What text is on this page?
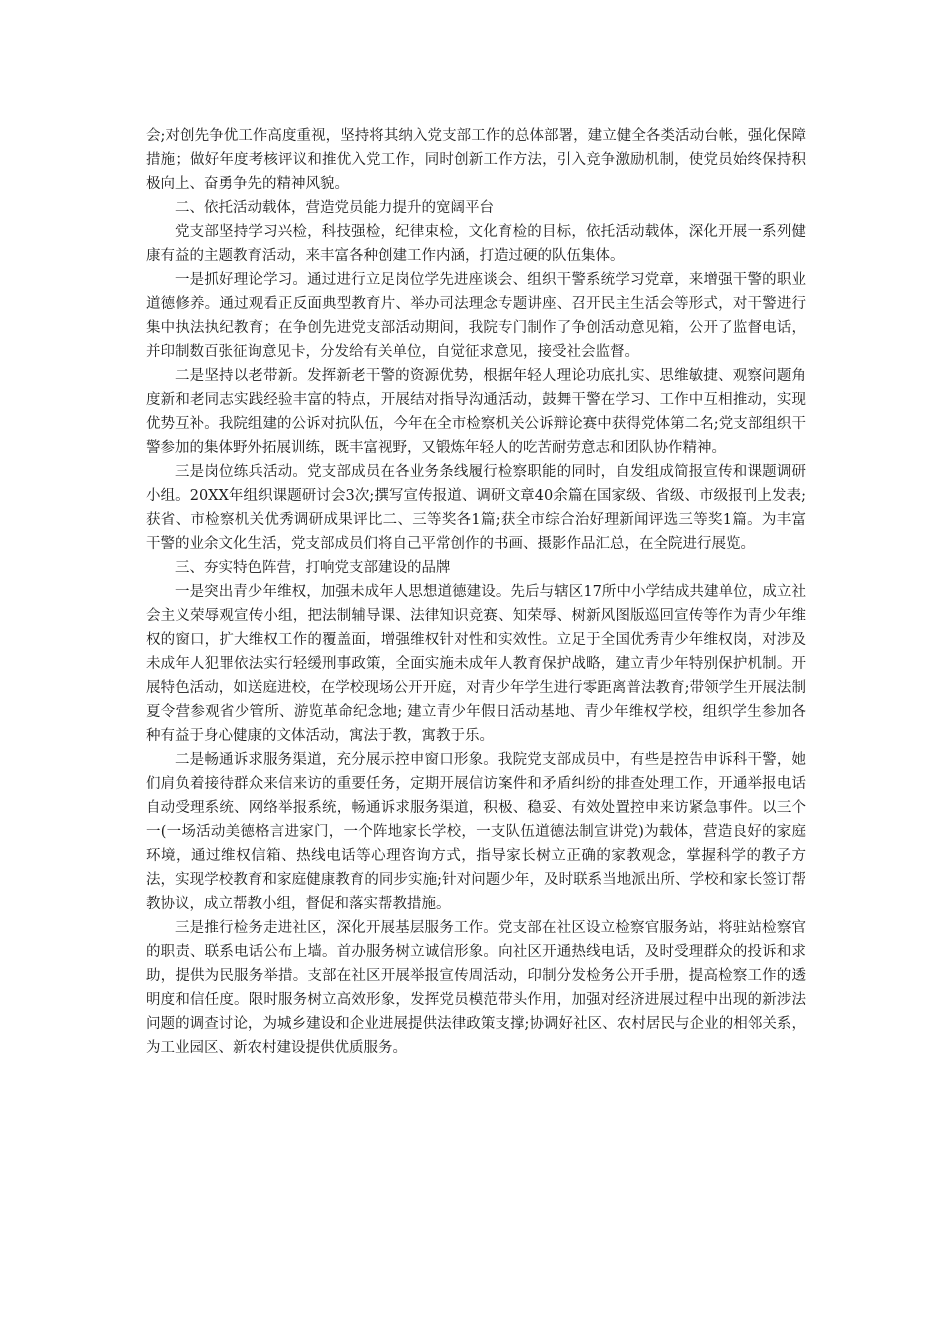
会;对创先争优工作高度重视，坚持将其纳入党支部工作的总体部署，建立健全各类活动台帐，强化保障措施；做好年度考核评议和推优入党工作，同时创新工作方法，引入竞争激励机制，使党员始终保持积极向上、奋勇争先的精神风貌。

二、依托活动载体，营造党员能力提升的宽阔平台

党支部坚持学习兴检，科技强检，纪律束检，文化育检的目标，依托活动载体，深化开展一系列健康有益的主题教育活动，来丰富各种创建工作内涵，打造过硬的队伍集体。

一是抓好理论学习。通过进行立足岗位学先进座谈会、组织干警系统学习党章，来增强干警的职业道德修养。通过观看正反面典型教育片、举办司法理念专题讲座、召开民主生活会等形式，对干警进行集中执法执纪教育；在争创先进党支部活动期间，我院专门制作了争创活动意见箱，公开了监督电话，并印制数百张征询意见卡，分发给有关单位，自觉征求意见，接受社会监督。

二是坚持以老带新。发挥新老干警的资源优势，根据年轻人理论功底扎实、思维敏捷、观察问题角度新和老同志实践经验丰富的特点，开展结对指导沟通活动，鼓舞干警在学习、工作中互相推动，实现优势互补。我院组建的公诉对抗队伍，今年在全市检察机关公诉辩论赛中获得党体第二名;党支部组织干警参加的集体野外拓展训练，既丰富视野，又锻炼年轻人的吃苦耐劳意志和团队协作精神。

三是岗位练兵活动。党支部成员在各业务条线履行检察职能的同时，自发组成简报宣传和课题调研小组。20XX年组织课题研讨会3次;撰写宣传报道、调研文章40余篇在国家级、省级、市级报刊上发表;获省、市检察机关优秀调研成果评比二、三等奖各1篇;获全市综合治好理新闻评选三等奖1篇。为丰富干警的业余文化生活，党支部成员们将自己平常创作的书画、摄影作品汇总，在全院进行展览。

三、夯实特色阵营，打响党支部建设的品牌

一是突出青少年维权，加强未成年人思想道德建设。先后与辖区17所中小学结成共建单位，成立社会主义荣辱观宣传小组，把法制辅导课、法律知识竞赛、知荣辱、树新风图版巡回宣传等作为青少年维权的窗口，扩大维权工作的覆盖面，增强维权针对性和实效性。立足于全国优秀青少年维权岗，对涉及未成年人犯罪依法实行轻缓刑事政策，全面实施未成年人教育保护战略，建立青少年特别保护机制。开展特色活动，如送庭进校，在学校现场公开开庭，对青少年学生进行零距离普法教育;带领学生开展法制夏令营参观省少管所、游览革命纪念地; 建立青少年假日活动基地、青少年维权学校，组织学生参加各种有益于身心健康的文体活动，寓法于教，寓教于乐。

二是畅通诉求服务渠道，充分展示控申窗口形象。我院党支部成员中，有些是控告申诉科干警，她们肩负着接待群众来信来访的重要任务，定期开展信访案件和矛盾纠纷的排查处理工作，开通举报电话自动受理系统、网络举报系统，畅通诉求服务渠道，积极、稳妥、有效处置控申来访紧急事件。以三个一(一场活动美德格言进家门，一个阵地家长学校，一支队伍道德法制宣讲党)为载体，营造良好的家庭环境，通过维权信箱、热线电话等心理咨询方式，指导家长树立正确的家教观念，掌握科学的教子方法，实现学校教育和家庭健康教育的同步实施;针对问题少年，及时联系当地派出所、学校和家长签订帮教协议，成立帮教小组，督促和落实帮教措施。

三是推行检务走进社区，深化开展基层服务工作。党支部在社区设立检察官服务站，将驻站检察官的职责、联系电话公布上墙。首办服务树立诚信形象。向社区开通热线电话，及时受理群众的投诉和求助，提供为民服务举措。支部在社区开展举报宣传周活动，印制分发检务公开手册，提高检察工作的透明度和信任度。限时服务树立高效形象，发挥党员模范带头作用，加强对经济进展过程中出现的新涉法问题的调查讨论，为城乡建设和企业进展提供法律政策支撑;协调好社区、农村居民与企业的相邻关系，为工业园区、新农村建设提供优质服务。
